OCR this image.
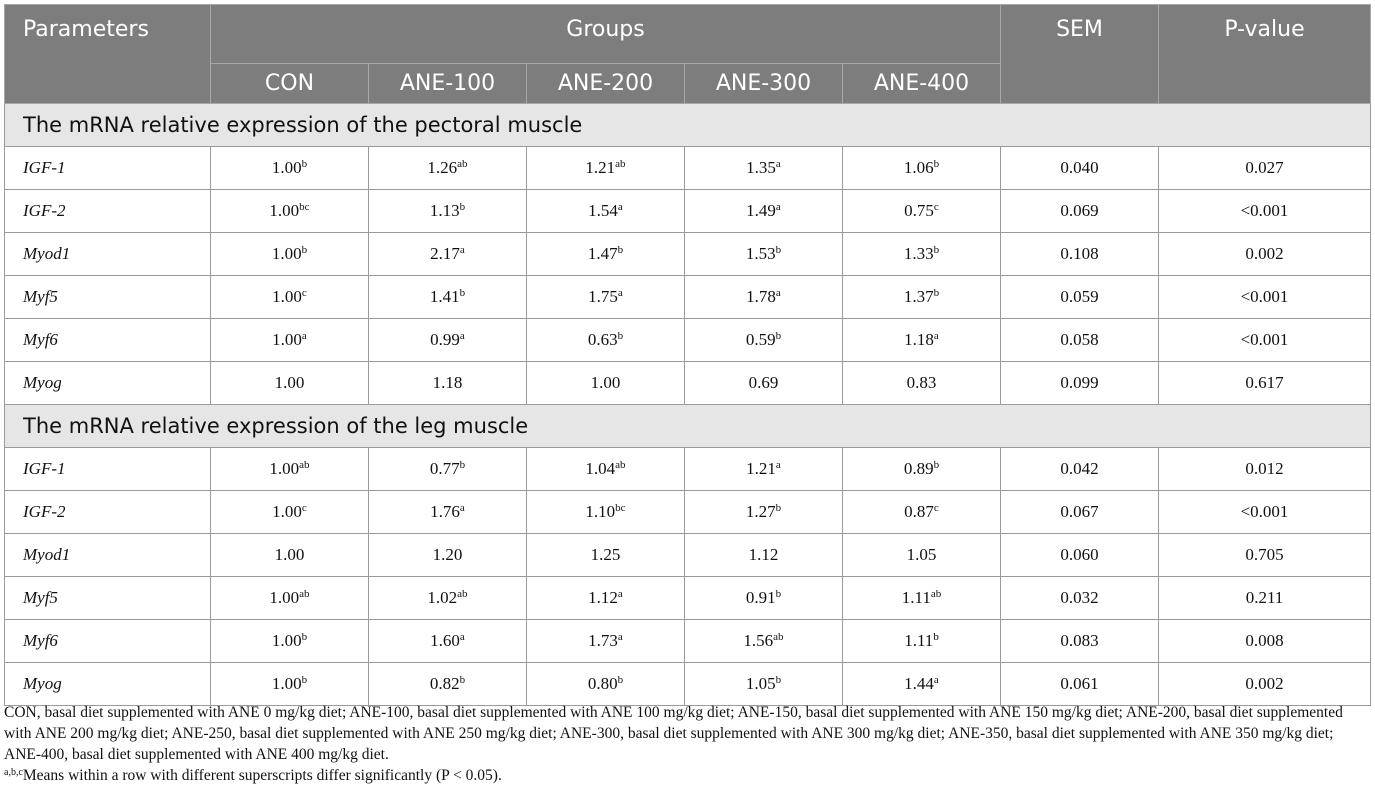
Parameters	Groups					SEM	P-value
	CON	ANE-100	ANE-200	ANE-300	ANE-400		
The mRNA relative expression of the pectoral muscle							
IGF-1	1.00$^b$	1.26$^{ab}$	1.21$^{ab}$	1.35$^a$	1.06$^b$	0.040	0.027
IGF-2	1.00$^{bc}$	1.13$^b$	1.54$^a$	1.49$^a$	0.75$^c$	0.069	<0.001
Myod1	1.00$^b$	2.17$^a$	1.47$^b$	1.53$^b$	1.33$^b$	0.108	0.002
Myf5	1.00$^c$	1.41$^b$	1.75$^a$	1.78$^a$	1.37$^b$	0.059	<0.001
Myf6	1.00$^a$	0.99$^a$	0.63$^b$	0.59$^b$	1.18$^a$	0.058	<0.001
Myog	1.00	1.18	1.00	0.69	0.83	0.099	0.617
The mRNA relative expression of the leg muscle							
IGF-1	1.00$^{ab}$	0.77$^b$	1.04$^{ab}$	1.21$^a$	0.89$^b$	0.042	0.012
IGF-2	1.00$^c$	1.76$^a$	1.10$^{bc}$	1.27$^b$	0.87$^c$	0.067	<0.001
Myod1	1.00	1.20	1.25	1.12	1.05	0.060	0.705
Myf5	1.00$^{ab}$	1.02$^{ab}$	1.12$^a$	0.91$^b$	1.11$^{ab}$	0.032	0.211
Myf6	1.00$^b$	1.60$^a$	1.73$^a$	1.56$^{ab}$	1.11$^b$	0.083	0.008
Myog	1.00$^b$	0.82$^b$	0.80$^b$	1.05$^b$	1.44$^a$	0.061	0.002

CON, basal diet supplemented with ANE 0 mg/kg diet; ANE-100, basal diet supplemented with ANE 100 mg/kg diet; ANE-150, basal diet supplemented with ANE 150 mg/kg diet; ANE-200, basal diet supplemented with ANE 200 mg/kg diet; ANE-250, basal diet supplemented with ANE 250 mg/kg diet; ANE-300, basal diet supplemented with ANE 300 mg/kg diet; ANE-350, basal diet supplemented with ANE 350 mg/kg diet; ANE-400, basal diet supplemented with ANE 400 mg/kg diet.

$^{a,b,c}$Means within a row with different superscripts differ significantly (P < 0.05).
